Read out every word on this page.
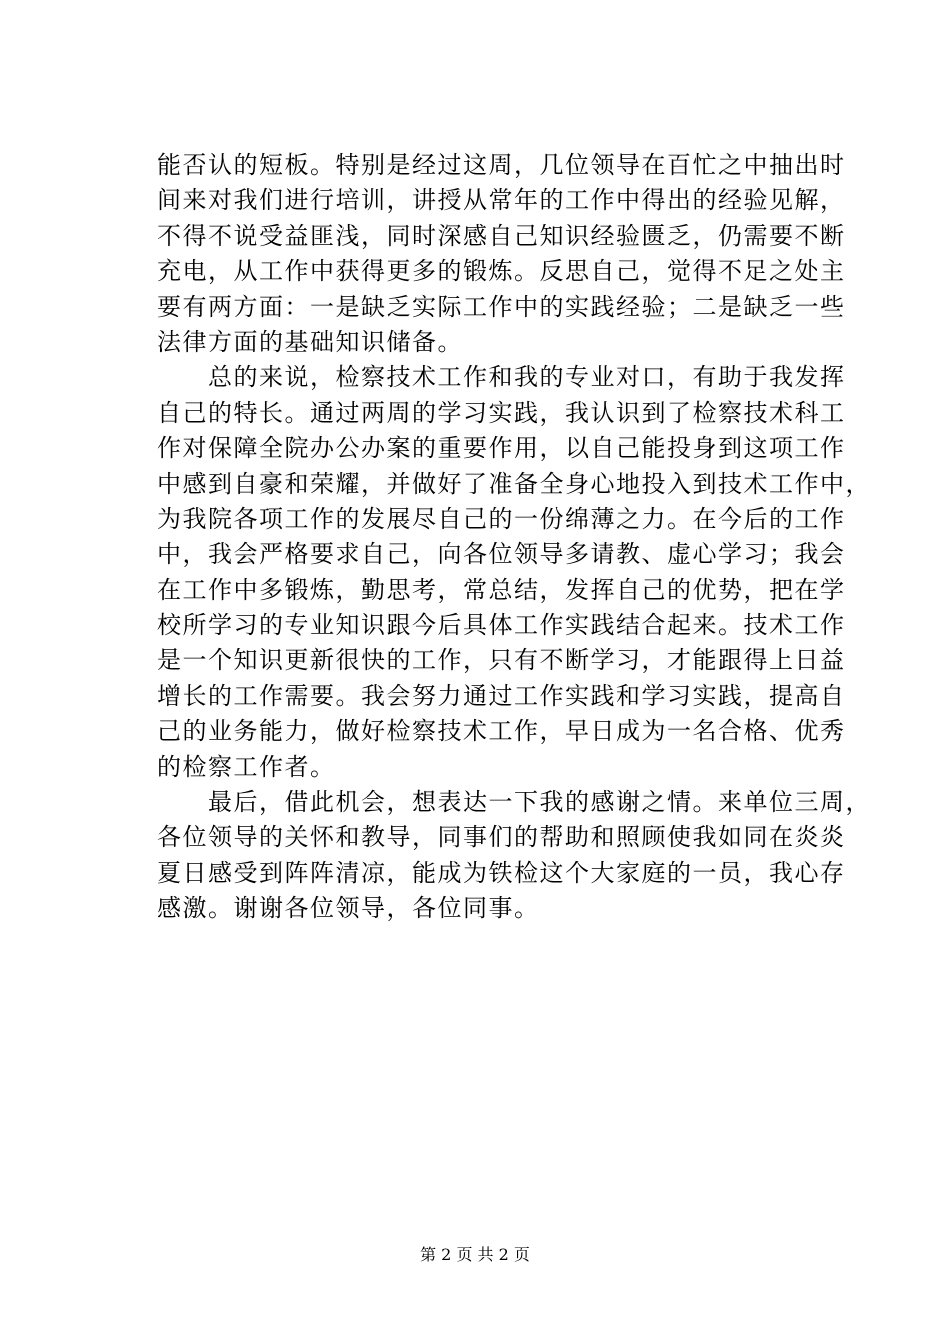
能否认的短板。特别是经过这周，几位领导在百忙之中抽出时
间来对我们进行培训，讲授从常年的工作中得出的经验见解，
不得不说受益匪浅，同时深感自己知识经验匮乏，仍需要不断
充电，从工作中获得更多的锻炼。反思自己，觉得不足之处主
要有两方面：一是缺乏实际工作中的实践经验；二是缺乏一些
法律方面的基础知识储备。
　　总的来说，检察技术工作和我的专业对口，有助于我发挥
自己的特长。通过两周的学习实践，我认识到了检察技术科工
作对保障全院办公办案的重要作用，以自己能投身到这项工作
中感到自豪和荣耀，并做好了准备全身心地投入到技术工作中，
为我院各项工作的发展尽自己的一份绵薄之力。在今后的工作
中，我会严格要求自己，向各位领导多请教、虚心学习；我会
在工作中多锻炼，勤思考，常总结，发挥自己的优势，把在学
校所学习的专业知识跟今后具体工作实践结合起来。技术工作
是一个知识更新很快的工作，只有不断学习，才能跟得上日益
增长的工作需要。我会努力通过工作实践和学习实践，提高自
己的业务能力，做好检察技术工作，早日成为一名合格、优秀
的检察工作者。
　　最后，借此机会，想表达一下我的感谢之情。来单位三周，
各位领导的关怀和教导，同事们的帮助和照顾使我如同在炎炎
夏日感受到阵阵清凉，能成为铁检这个大家庭的一员，我心存
感激。谢谢各位领导，各位同事。
第 2 页 共 2 页
